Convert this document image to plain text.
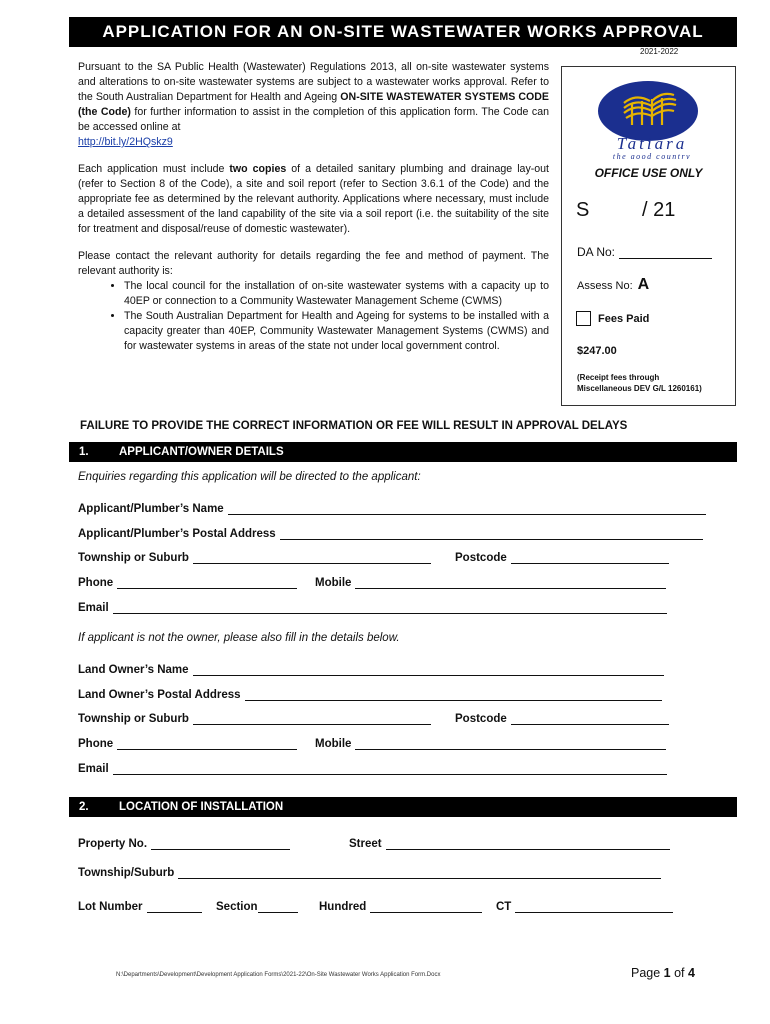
APPLICATION FOR AN ON-SITE WASTEWATER WORKS APPROVAL
2021-2022

Pursuant to the SA Public Health (Wastewater) Regulations 2013, all on-site wastewater systems and alterations to on-site wastewater systems are subject to a wastewater works approval. Refer to the South Australian Department for Health and Ageing ON-SITE WASTEWATER SYSTEMS CODE (the Code) for further information to assist in the completion of this application form. The Code can be accessed online at
http://bit.ly/2HQskz9

Each application must include two copies of a detailed sanitary plumbing and drainage lay-out (refer to Section 8 of the Code), a site and soil report (refer to Section 3.6.1 of the Code) and the appropriate fee as determined by the relevant authority. Applications where necessary, must include a detailed assessment of the land capability of the site via a soil report (i.e. the suitability of the site for treatment and disposal/reuse of domestic wastewater).

Please contact the relevant authority for details regarding the fee and method of payment. The relevant authority is:

• The local council for the installation of on-site wastewater systems with a capacity up to 40EP or connection to a Community Wastewater Management Scheme (CWMS)
• The South Australian Department for Health and Ageing for systems to be installed with a capacity greater than 40EP, Community Wastewater Management Systems (CWMS) and for wastewater systems in areas of the state not under local government control.
Tatiara
the good country
OFFICE USE ONLY
S	/ 21
DA No:
Assess No: A
Fees Paid
$247.00
(Receipt fees through
Miscellaneous DEV G/L 1260161)
FAILURE TO PROVIDE THE CORRECT INFORMATION OR FEE WILL RESULT IN APPROVAL DELAYS
1.	APPLICANT/OWNER DETAILS
Enquiries regarding this application will be directed to the applicant:
Applicant/Plumber’s Name
Applicant/Plumber’s Postal Address
Township or Suburb	Postcode
Phone	Mobile
Email
If applicant is not the owner, please also fill in the details below.
Land Owner’s Name
Land Owner’s Postal Address
Township or Suburb	Postcode
Phone	Mobile
Email
2.	LOCATION OF INSTALLATION
Property No.	Street
Township/Suburb
Lot Number	Section	Hundred	CT
N:\Departments\Development\Development Application Forms\2021-22\On-Site Wastewater Works Application Form.Docx	Page 1 of 4
